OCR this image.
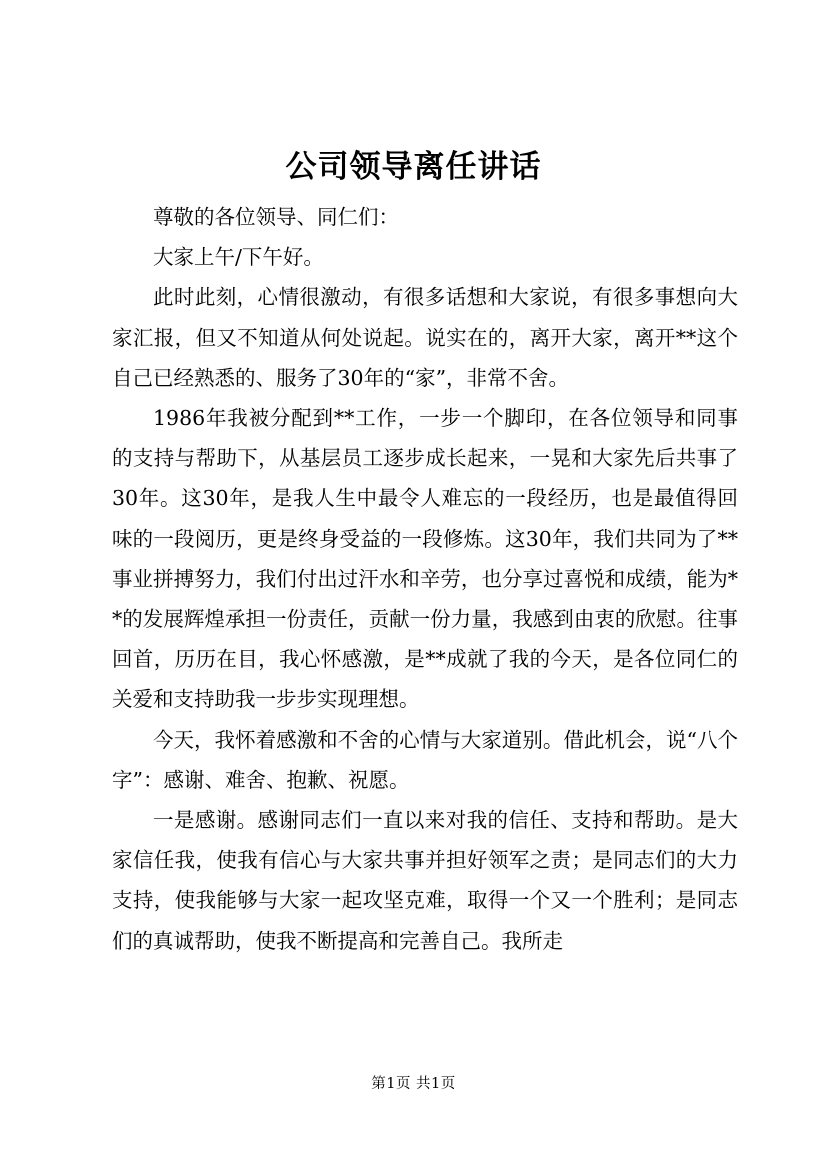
公司领导离任讲话

尊敬的各位领导、同仁们：

大家上午/下午好。

此时此刻，心情很激动，有很多话想和大家说，有很多事想向大家汇报，但又不知道从何处说起。说实在的，离开大家，离开**这个自己已经熟悉的、服务了30年的“家”，非常不舍。

1986年我被分配到**工作，一步一个脚印，在各位领导和同事的支持与帮助下，从基层员工逐步成长起来，一晃和大家先后共事了30年。这30年，是我人生中最令人难忘的一段经历，也是最值得回味的一段阅历，更是终身受益的一段修炼。这30年，我们共同为了**事业拼搏努力，我们付出过汗水和辛劳，也分享过喜悦和成绩，能为**的发展辉煌承担一份责任，贡献一份力量，我感到由衷的欣慰。往事回首，历历在目，我心怀感激，是**成就了我的今天，是各位同仁的关爱和支持助我一步步实现理想。

今天，我怀着感激和不舍的心情与大家道别。借此机会，说“八个字”：感谢、难舍、抱歉、祝愿。

一是感谢。感谢同志们一直以来对我的信任、支持和帮助。是大家信任我，使我有信心与大家共事并担好领军之责；是同志们的大力支持，使我能够与大家一起攻坚克难，取得一个又一个胜利；是同志们的真诚帮助，使我不断提高和完善自己。我所走

第1页 共1页
